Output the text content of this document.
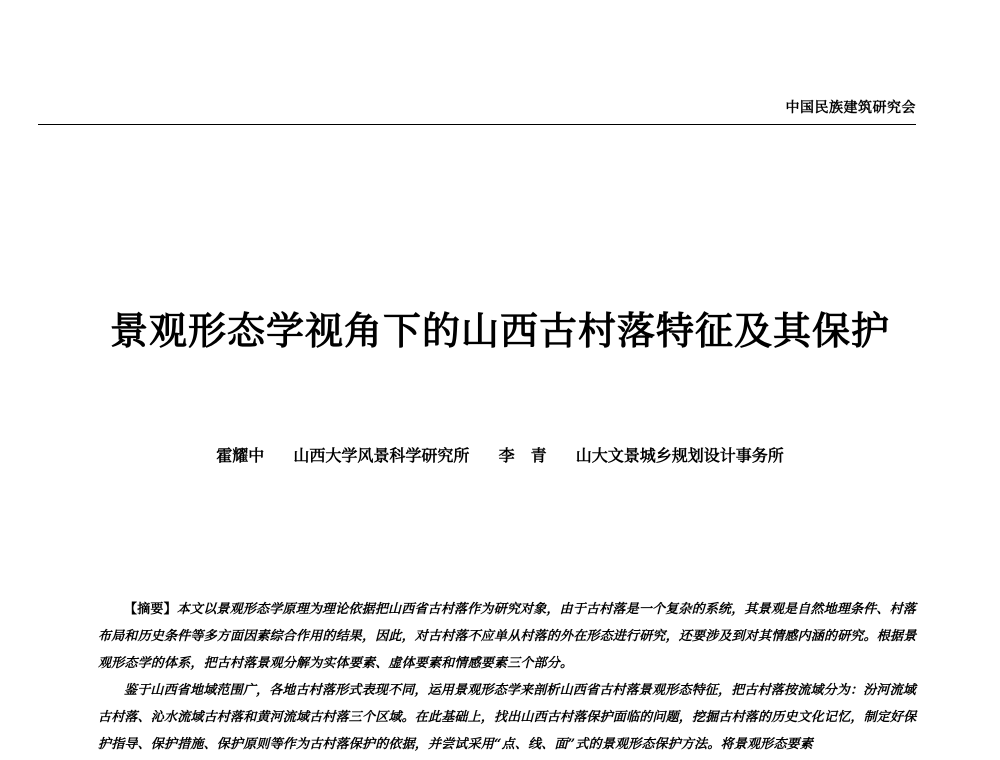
中国民族建筑研究会
景观形态学视角下的山西古村落特征及其保护
霍耀中 山西大学风景科学研究所 李　青 山大文景城乡规划设计事务所

【摘要】本文以景观形态学原理为理论依据把山西省古村落作为研究对象，由于古村落是一个复杂的系统，其景观是自然地理条件、村落布局和历史条件等多方面因素综合作用的结果，因此，对古村落不应单从村落的外在形态进行研究，还要涉及到对其情感内涵的研究。根据景观形态学的体系，把古村落景观分解为实体要素、虚体要素和情感要素三个部分。

鉴于山西省地域范围广，各地古村落形式表现不同，运用景观形态学来剖析山西省古村落景观形态特征，把古村落按流域分为：汾河流域古村落、沁水流域古村落和黄河流域古村落三个区域。在此基础上，找出山西古村落保护面临的问题，挖掘古村落的历史文化记忆，制定好保护指导、保护措施、保护原则等作为古村落保护的依据，并尝试采用“点、线、面”式的景观形态保护方法。将景观形态要素
